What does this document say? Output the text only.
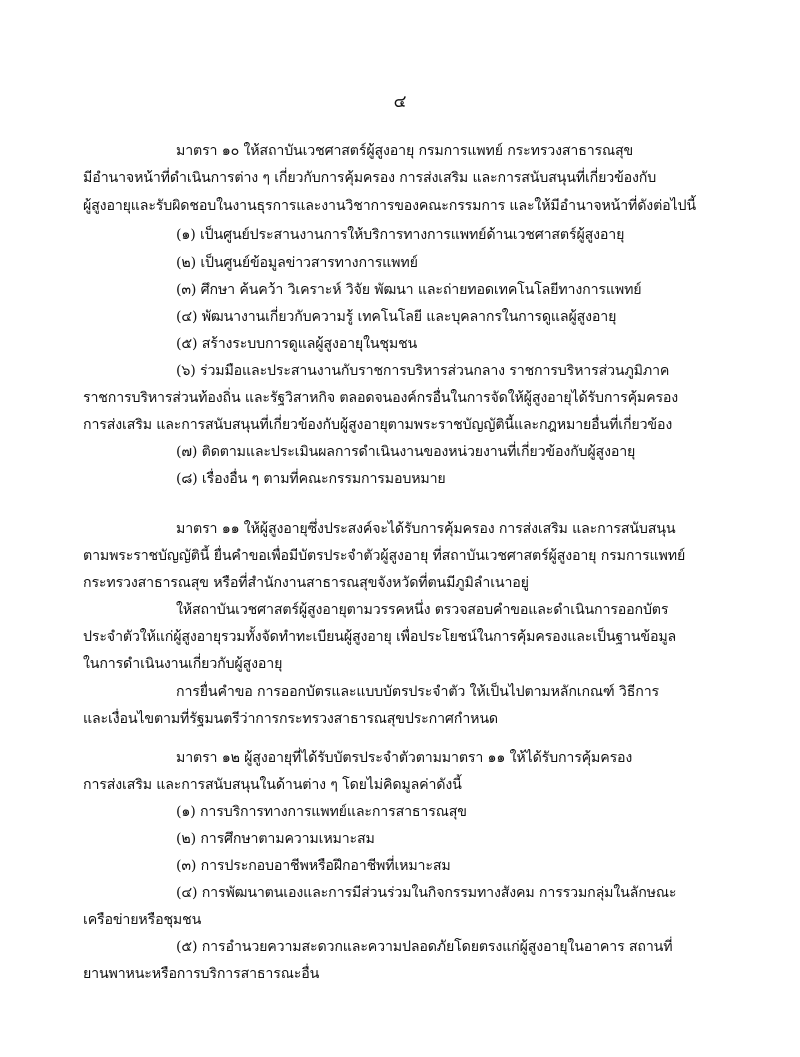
๔
มาตรา ๑๐ ให้สถาบันเวชศาสตร์ผู้สูงอายุ กรมการแพทย์ กระทรวงสาธารณสุข
มีอำนาจหน้าที่ดำเนินการต่าง ๆ เกี่ยวกับการคุ้มครอง การส่งเสริม และการสนับสนุนที่เกี่ยวข้องกับ
ผู้สูงอายุและรับผิดชอบในงานธุรการและงานวิชาการของคณะกรรมการ และให้มีอำนาจหน้าที่ดังต่อไปนี้
(๑) เป็นศูนย์ประสานงานการให้บริการทางการแพทย์ด้านเวชศาสตร์ผู้สูงอายุ
(๒) เป็นศูนย์ข้อมูลข่าวสารทางการแพทย์
(๓) ศึกษา ค้นคว้า วิเคราะห์ วิจัย พัฒนา และถ่ายทอดเทคโนโลยีทางการแพทย์
(๔) พัฒนางานเกี่ยวกับความรู้ เทคโนโลยี และบุคลากรในการดูแลผู้สูงอายุ
(๕) สร้างระบบการดูแลผู้สูงอายุในชุมชน
(๖) ร่วมมือและประสานงานกับราชการบริหารส่วนกลาง ราชการบริหารส่วนภูมิภาค
ราชการบริหารส่วนท้องถิ่น และรัฐวิสาหกิจ ตลอดจนองค์กรอื่นในการจัดให้ผู้สูงอายุได้รับการคุ้มครอง
การส่งเสริม และการสนับสนุนที่เกี่ยวข้องกับผู้สูงอายุตามพระราชบัญญัตินี้และกฎหมายอื่นที่เกี่ยวข้อง
(๗) ติดตามและประเมินผลการดำเนินงานของหน่วยงานที่เกี่ยวข้องกับผู้สูงอายุ
(๘) เรื่องอื่น ๆ ตามที่คณะกรรมการมอบหมาย
มาตรา ๑๑ ให้ผู้สูงอายุซึ่งประสงค์จะได้รับการคุ้มครอง การส่งเสริม และการสนับสนุน
ตามพระราชบัญญัตินี้ ยื่นคำขอเพื่อมีบัตรประจำตัวผู้สูงอายุ ที่สถาบันเวชศาสตร์ผู้สูงอายุ กรมการแพทย์
กระทรวงสาธารณสุข หรือที่สำนักงานสาธารณสุขจังหวัดที่ตนมีภูมิลำเนาอยู่
ให้สถาบันเวชศาสตร์ผู้สูงอายุตามวรรคหนึ่ง ตรวจสอบคำขอและดำเนินการออกบัตร
ประจำตัวให้แก่ผู้สูงอายุรวมทั้งจัดทำทะเบียนผู้สูงอายุ เพื่อประโยชน์ในการคุ้มครองและเป็นฐานข้อมูล
ในการดำเนินงานเกี่ยวกับผู้สูงอายุ
การยื่นคำขอ การออกบัตรและแบบบัตรประจำตัว ให้เป็นไปตามหลักเกณฑ์ วิธีการ
และเงื่อนไขตามที่รัฐมนตรีว่าการกระทรวงสาธารณสุขประกาศกำหนด
มาตรา ๑๒ ผู้สูงอายุที่ได้รับบัตรประจำตัวตามมาตรา ๑๑ ให้ได้รับการคุ้มครอง
การส่งเสริม และการสนับสนุนในด้านต่าง ๆ โดยไม่คิดมูลค่าดังนี้
(๑) การบริการทางการแพทย์และการสาธารณสุข
(๒) การศึกษาตามความเหมาะสม
(๓) การประกอบอาชีพหรือฝึกอาชีพที่เหมาะสม
(๔) การพัฒนาตนเองและการมีส่วนร่วมในกิจกรรมทางสังคม การรวมกลุ่มในลักษณะ
เครือข่ายหรือชุมชน
(๕) การอำนวยความสะดวกและความปลอดภัยโดยตรงแก่ผู้สูงอายุในอาคาร สถานที่
ยานพาหนะหรือการบริการสาธารณะอื่น
